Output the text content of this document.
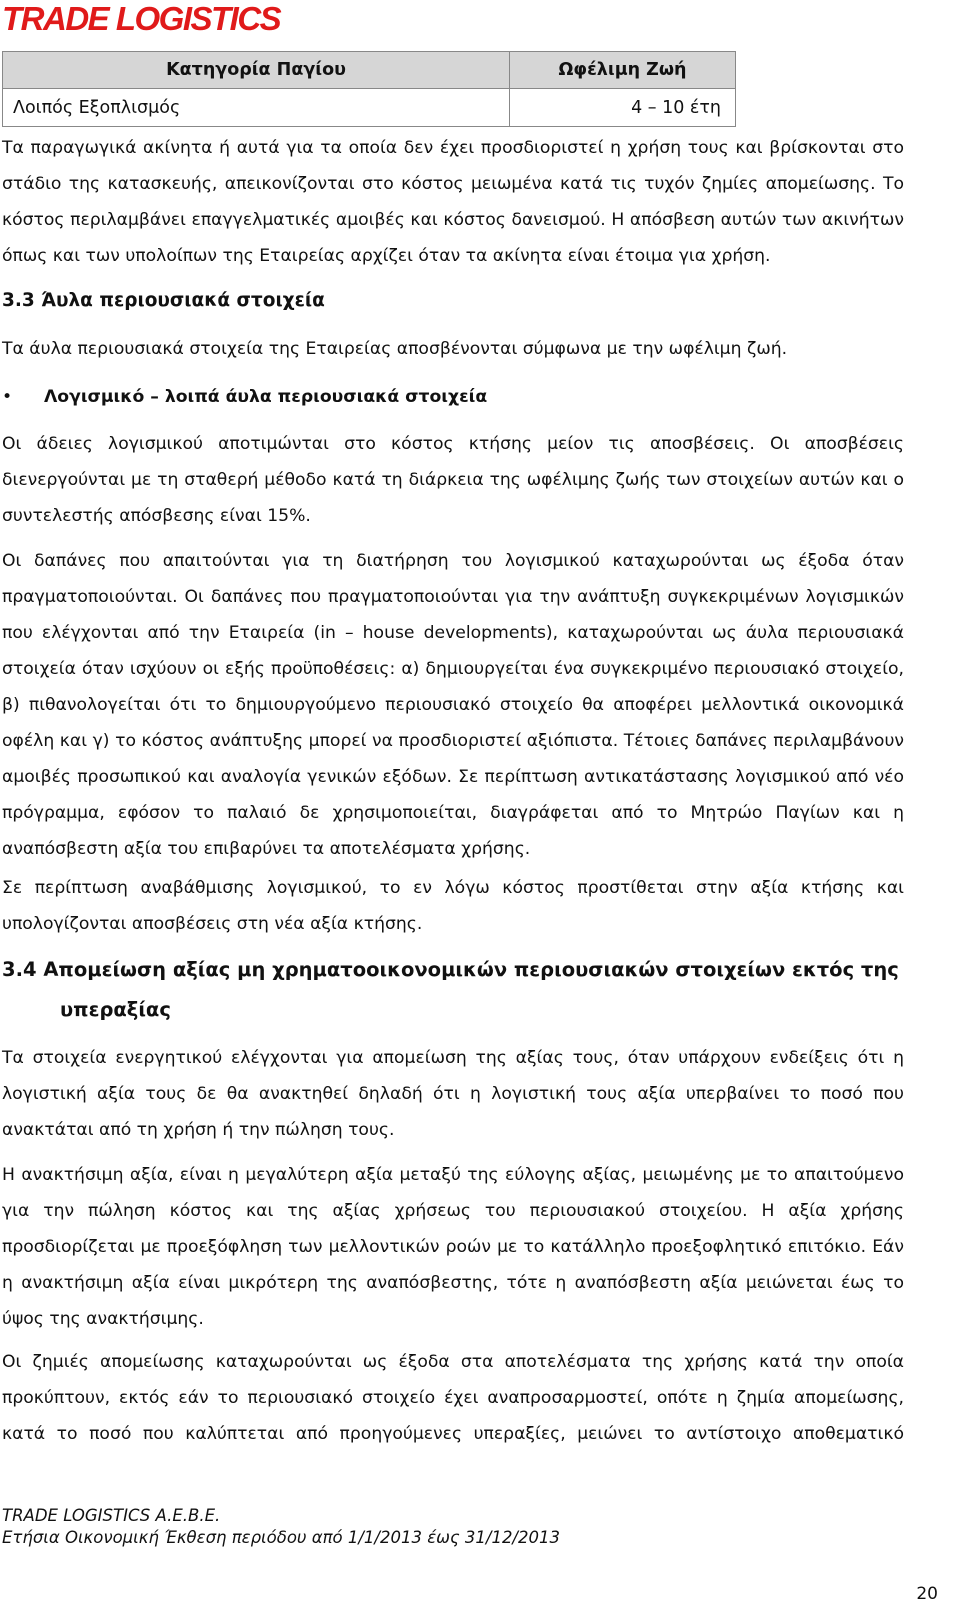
TRADE LOGISTICS
Κατηγορία Παγίου	Ωφέλιμη Ζωή
Λοιπός Εξοπλισμός	4 – 10 έτη
Τα παραγωγικά ακίνητα ή αυτά για τα οποία δεν έχει προσδιοριστεί η χρήση τους και βρίσκονται στο
στάδιο της κατασκευής, απεικονίζονται στο κόστος μειωμένα κατά τις τυχόν ζημίες απομείωσης. Το
κόστος περιλαμβάνει επαγγελματικές αμοιβές και κόστος δανεισμού. Η απόσβεση αυτών των ακινήτων
όπως και των υπολοίπων της Εταιρείας αρχίζει όταν τα ακίνητα είναι έτοιμα για χρήση.
3.3 Άυλα περιουσιακά στοιχεία
Τα άυλα περιουσιακά στοιχεία της Εταιρείας αποσβένονται σύμφωνα με την ωφέλιμη ζωή.
• Λογισμικό – λοιπά άυλα περιουσιακά στοιχεία
Οι άδειες λογισμικού αποτιμώνται στο κόστος κτήσης μείον τις αποσβέσεις. Οι αποσβέσεις
διενεργούνται με τη σταθερή μέθοδο κατά τη διάρκεια της ωφέλιμης ζωής των στοιχείων αυτών και ο
συντελεστής απόσβεσης είναι 15%.
Οι δαπάνες που απαιτούνται για τη διατήρηση του λογισμικού καταχωρούνται ως έξοδα όταν
πραγματοποιούνται. Οι δαπάνες που πραγματοποιούνται για την ανάπτυξη συγκεκριμένων λογισμικών
που ελέγχονται από την Εταιρεία (in – house developments), καταχωρούνται ως άυλα περιουσιακά
στοιχεία όταν ισχύουν οι εξής προϋποθέσεις: α) δημιουργείται ένα συγκεκριμένο περιουσιακό στοιχείο,
β) πιθανολογείται ότι το δημιουργούμενο περιουσιακό στοιχείο θα αποφέρει μελλοντικά οικονομικά
οφέλη και γ) το κόστος ανάπτυξης μπορεί να προσδιοριστεί αξιόπιστα. Τέτοιες δαπάνες περιλαμβάνουν
αμοιβές προσωπικού και αναλογία γενικών εξόδων. Σε περίπτωση αντικατάστασης λογισμικού από νέο
πρόγραμμα, εφόσον το παλαιό δε χρησιμοποιείται, διαγράφεται από το Μητρώο Παγίων και η
αναπόσβεστη αξία του επιβαρύνει τα αποτελέσματα χρήσης.
Σε περίπτωση αναβάθμισης λογισμικού, το εν λόγω κόστος προστίθεται στην αξία κτήσης και
υπολογίζονται αποσβέσεις στη νέα αξία κτήσης.
3.4 Απομείωση αξίας μη χρηματοοικονομικών περιουσιακών στοιχείων εκτός της
υπεραξίας
Τα στοιχεία ενεργητικού ελέγχονται για απομείωση της αξίας τους, όταν υπάρχουν ενδείξεις ότι η
λογιστική αξία τους δε θα ανακτηθεί δηλαδή ότι η λογιστική τους αξία υπερβαίνει το ποσό που
ανακτάται από τη χρήση ή την πώληση τους.
Η ανακτήσιμη αξία, είναι η μεγαλύτερη αξία μεταξύ της εύλογης αξίας, μειωμένης με το απαιτούμενο
για την πώληση κόστος και της αξίας χρήσεως του περιουσιακού στοιχείου. Η αξία χρήσης
προσδιορίζεται με προεξόφληση των μελλοντικών ροών με το κατάλληλο προεξοφλητικό επιτόκιο. Εάν
η ανακτήσιμη αξία είναι μικρότερη της αναπόσβεστης, τότε η αναπόσβεστη αξία μειώνεται έως το
ύψος της ανακτήσιμης.
Οι ζημιές απομείωσης καταχωρούνται ως έξοδα στα αποτελέσματα της χρήσης κατά την οποία
προκύπτουν, εκτός εάν το περιουσιακό στοιχείο έχει αναπροσαρμοστεί, οπότε η ζημία απομείωσης,
κατά το ποσό που καλύπτεται από προηγούμενες υπεραξίες, μειώνει το αντίστοιχο αποθεματικό
TRADE LOGISTICS A.E.B.E.
Ετήσια Οικονομική Έκθεση περιόδου από 1/1/2013 έως 31/12/2013
20
